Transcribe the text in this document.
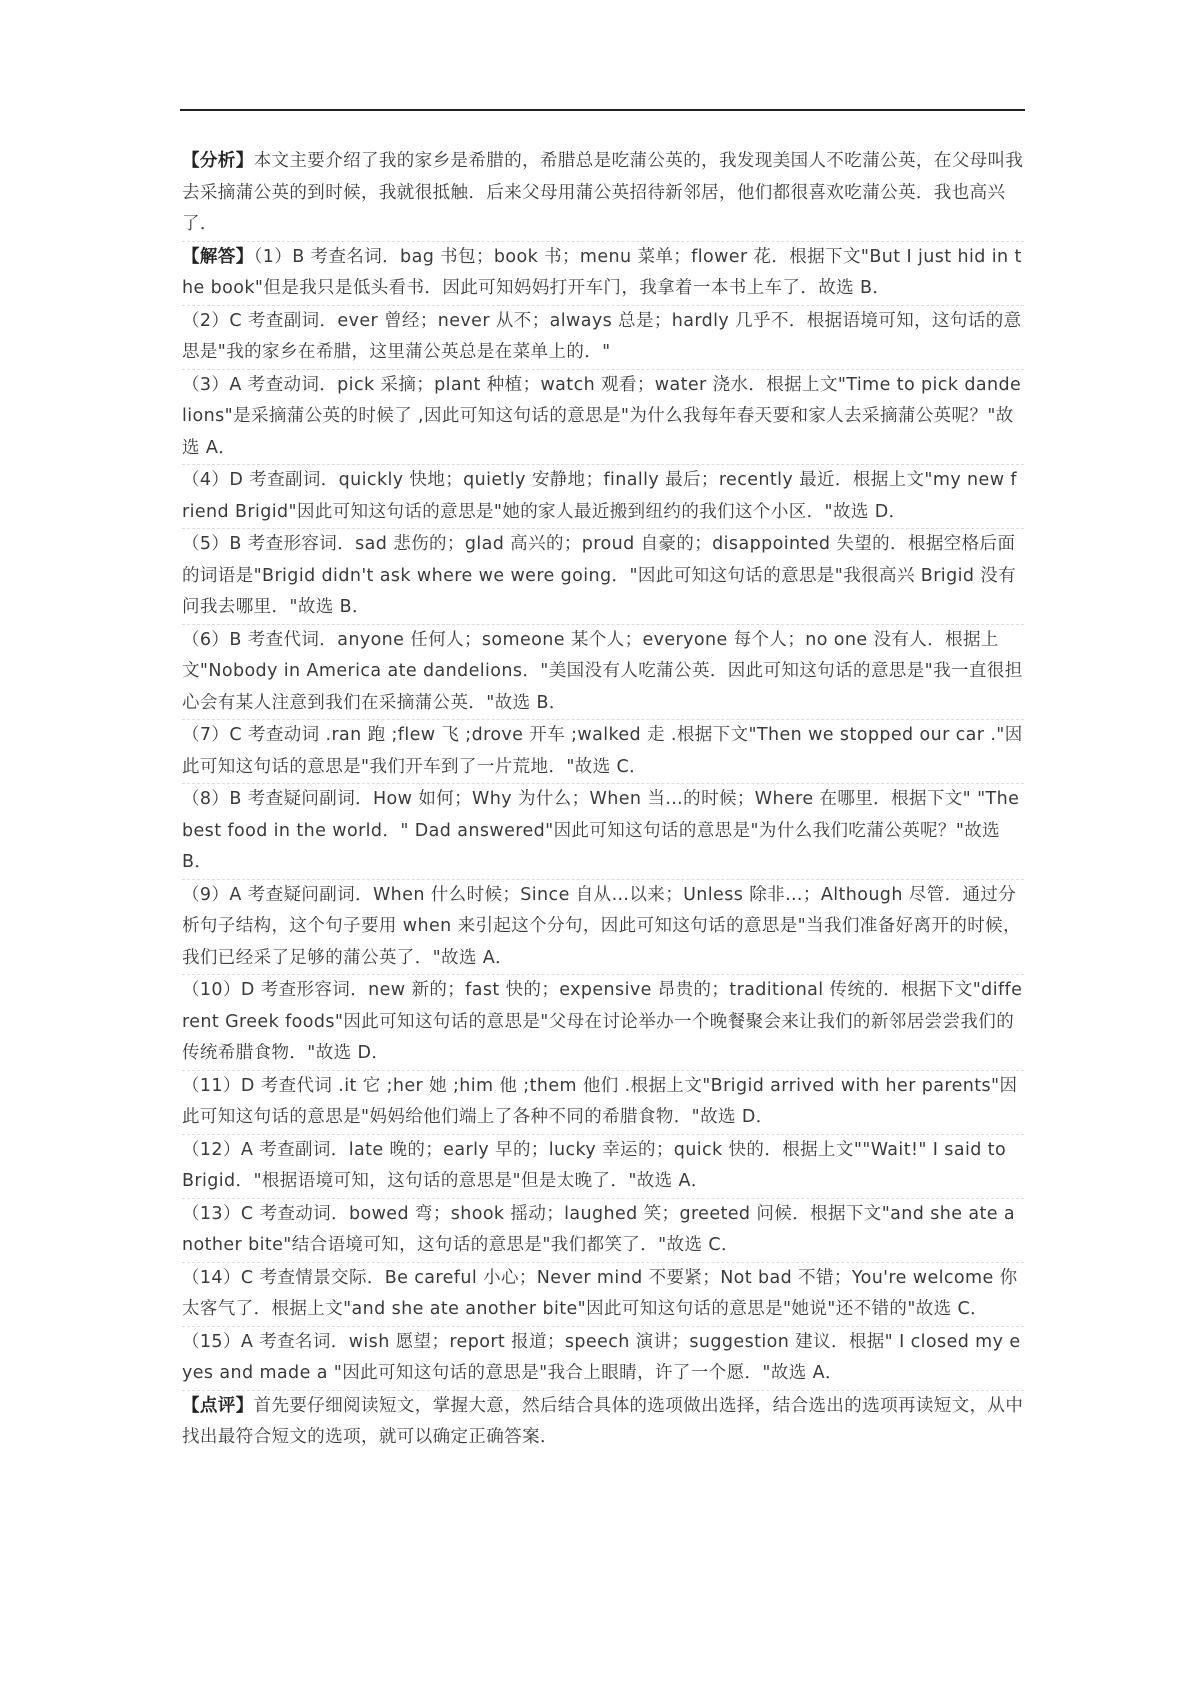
【分析】本文主要介绍了我的家乡是希腊的，希腊总是吃蒲公英的，我发现美国人不吃蒲公英，在父母叫我去采摘蒲公英的到时候，我就很抵触．后来父母用蒲公英招待新邻居，他们都很喜欢吃蒲公英．我也高兴了．
【解答】（1）B 考查名词．bag 书包；book 书；menu 菜单；flower 花．根据下文"But I just hid in the book"但是我只是低头看书．因此可知妈妈打开车门，我拿着一本书上车了．故选 B．
（2）C 考查副词．ever 曾经；never 从不；always 总是；hardly 几乎不．根据语境可知，这句话的意思是"我的家乡在希腊，这里蒲公英总是在菜单上的．"
（3）A 考查动词．pick 采摘；plant 种植；watch 观看；water 浇水．根据上文"Time to pick dandelions"是采摘蒲公英的时候了 ,因此可知这句话的意思是"为什么我每年春天要和家人去采摘蒲公英呢？"故选 A．
（4）D 考查副词．quickly 快地；quietly 安静地；finally 最后；recently 最近．根据上文"my new friend Brigid"因此可知这句话的意思是"她的家人最近搬到纽约的我们这个小区．"故选 D．
（5）B 考查形容词．sad 悲伤的；glad 高兴的；proud 自豪的；disappointed 失望的．根据空格后面的词语是"Brigid didn't ask where we were going．"因此可知这句话的意思是"我很高兴 Brigid 没有问我去哪里．"故选 B．
（6）B 考查代词．anyone 任何人；someone 某个人；everyone 每个人；no one 没有人．根据上文"Nobody in America ate dandelions．"美国没有人吃蒲公英．因此可知这句话的意思是"我一直很担心会有某人注意到我们在采摘蒲公英．"故选 B．
（7）C 考查动词 .ran 跑 ;flew 飞 ;drove 开车 ;walked 走 .根据下文"Then we stopped our car ."因此可知这句话的意思是"我们开车到了一片荒地．"故选 C．
（8）B 考查疑问副词．How 如何；Why 为什么；When 当…的时候；Where 在哪里．根据下文" "The best food in the world．" Dad answered"因此可知这句话的意思是"为什么我们吃蒲公英呢？"故选 B．
（9）A 考查疑问副词．When 什么时候；Since 自从…以来；Unless 除非…；Although 尽管．通过分析句子结构，这个句子要用 when 来引起这个分句，因此可知这句话的意思是"当我们准备好离开的时候，我们已经采了足够的蒲公英了．"故选 A．
（10）D 考查形容词．new 新的；fast 快的；expensive 昂贵的；traditional 传统的．根据下文"different Greek foods"因此可知这句话的意思是"父母在讨论举办一个晚餐聚会来让我们的新邻居尝尝我们的传统希腊食物．"故选 D．
（11）D 考查代词 .it 它 ;her 她 ;him 他 ;them 他们 .根据上文"Brigid arrived with her parents"因此可知这句话的意思是"妈妈给他们端上了各种不同的希腊食物．"故选 D．
（12）A 考查副词．late 晚的；early 早的；lucky 幸运的；quick 快的．根据上文""Wait!" I said to Brigid．"根据语境可知，这句话的意思是"但是太晚了．"故选 A．
（13）C 考查动词．bowed 弯；shook 摇动；laughed 笑；greeted 问候．根据下文"and she ate another bite"结合语境可知，这句话的意思是"我们都笑了．"故选 C．
（14）C 考查情景交际．Be careful 小心；Never mind 不要紧；Not bad 不错；You're welcome 你太客气了．根据上文"and she ate another bite"因此可知这句话的意思是"她说"还不错的"故选 C．
（15）A 考查名词．wish 愿望；report 报道；speech 演讲；suggestion 建议．根据" I closed my eyes and made a "因此可知这句话的意思是"我合上眼睛，许了一个愿．"故选 A．
【点评】首先要仔细阅读短文，掌握大意，然后结合具体的选项做出选择，结合选出的选项再读短文，从中找出最符合短文的选项，就可以确定正确答案．
